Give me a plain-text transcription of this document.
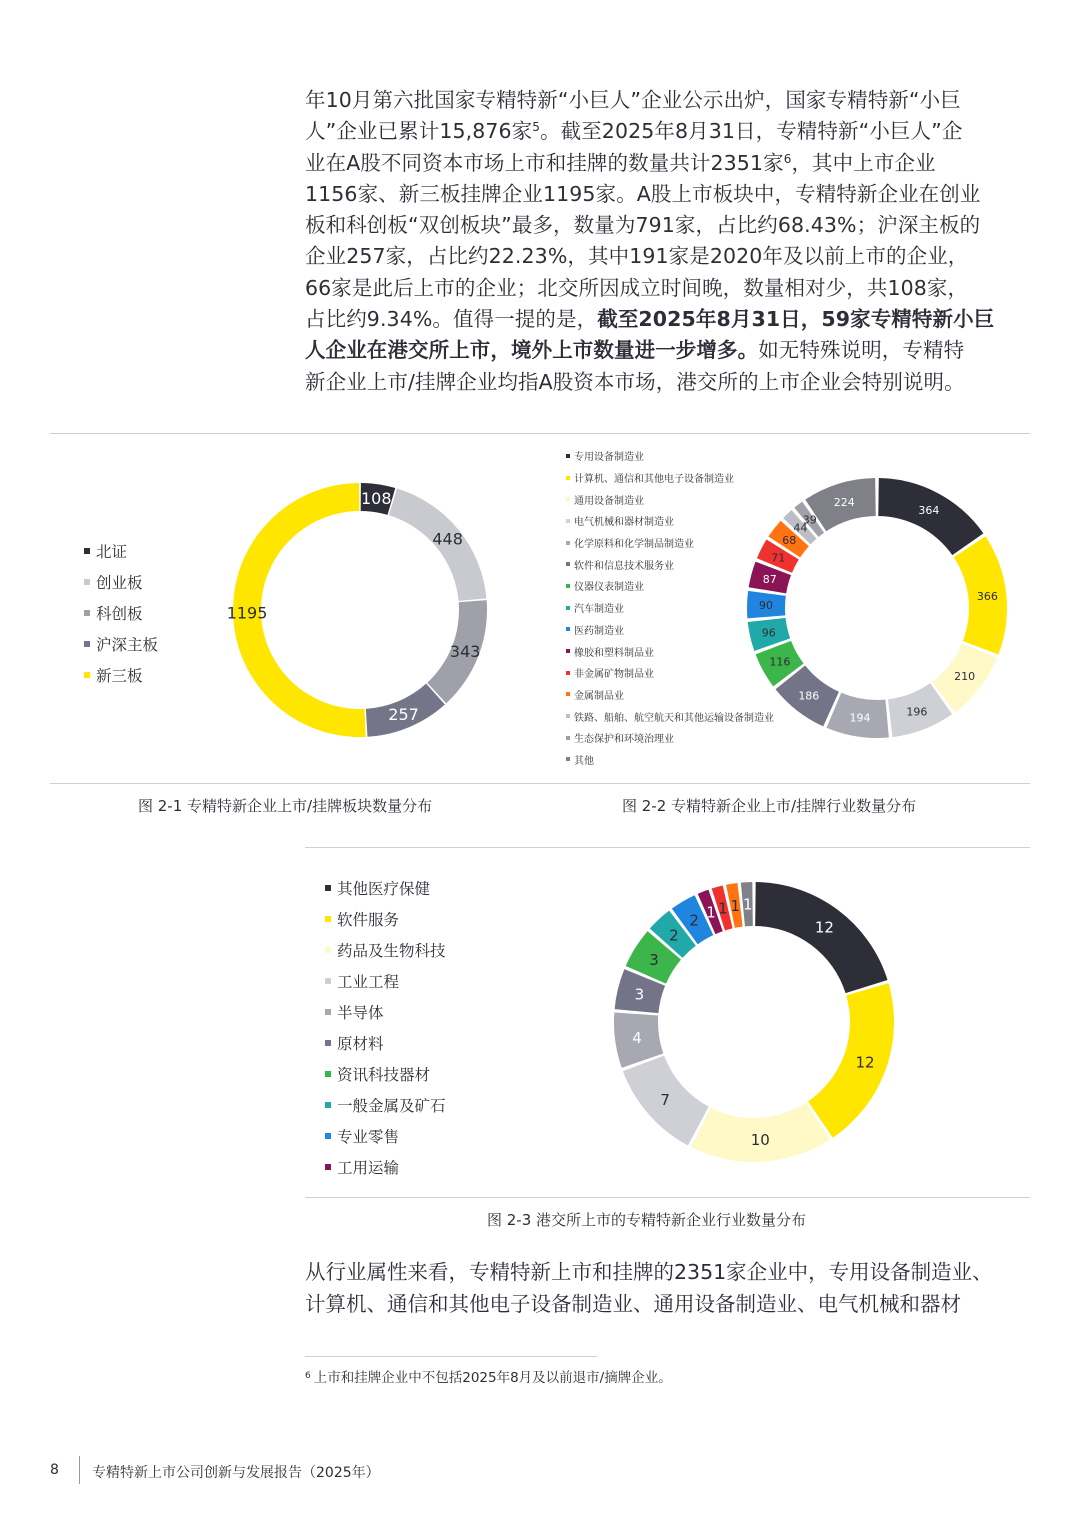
年10月第六批国家专精特新“小巨人”企业公示出炉，国家专精特新“小巨
人”企业已累计15,876家$^5$。截至2025年8月31日，专精特新“小巨人”企
业在A股不同资本市场上市和挂牌的数量共计2351家$^6$，其中上市企业
1156家、新三板挂牌企业1195家。A股上市板块中，专精特新企业在创业
板和科创板“双创板块”最多，数量为791家，占比约68.43%；沪深主板的
企业257家，占比约22.23%，其中191家是2020年及以前上市的企业，
66家是此后上市的企业；北交所因成立时间晚，数量相对少，共108家，
占比约9.34%。值得一提的是，截至2025年8月31日，59家专精特新小巨
人企业在港交所上市，境外上市数量进一步增多。如无特殊说明，专精特
新企业上市/挂牌企业均指A股资本市场，港交所的上市企业会特别说明。
北证
创业板
科创板
沪深主板
新三板
108
448
343
257
1195
图 2-1 专精特新企业上市/挂牌板块数量分布
专用设备制造业
计算机、通信和其他电子设备制造业
通用设备制造业
电气机械和器材制造业
化学原料和化学制品制造业
软件和信息技术服务业
仪器仪表制造业
汽车制造业
医药制造业
橡胶和塑料制品业
非金属矿物制品业
金属制品业
铁路、船舶、航空航天和其他运输设备制造业
生态保护和环境治理业
其他
364
366
210
196
194
186
116
96
90
87
71
68
44
39
224
图 2-2 专精特新企业上市/挂牌行业数量分布
其他医疗保健
软件服务
药品及生物科技
工业工程
半导体
原材料
资讯科技器材
一般金属及矿石
专业零售
工用运输
12
12
10
7
4
3
3
2
2 1 1 1 1
图 2-3 港交所上市的专精特新企业行业数量分布
从行业属性来看，专精特新上市和挂牌的2351家企业中，专用设备制造业、
计算机、通信和其他电子设备制造业、通用设备制造业、电气机械和器材
$^6$ 上市和挂牌企业中不包括2025年8月及以前退市/摘牌企业。
8 专精特新上市公司创新与发展报告（2025年）
